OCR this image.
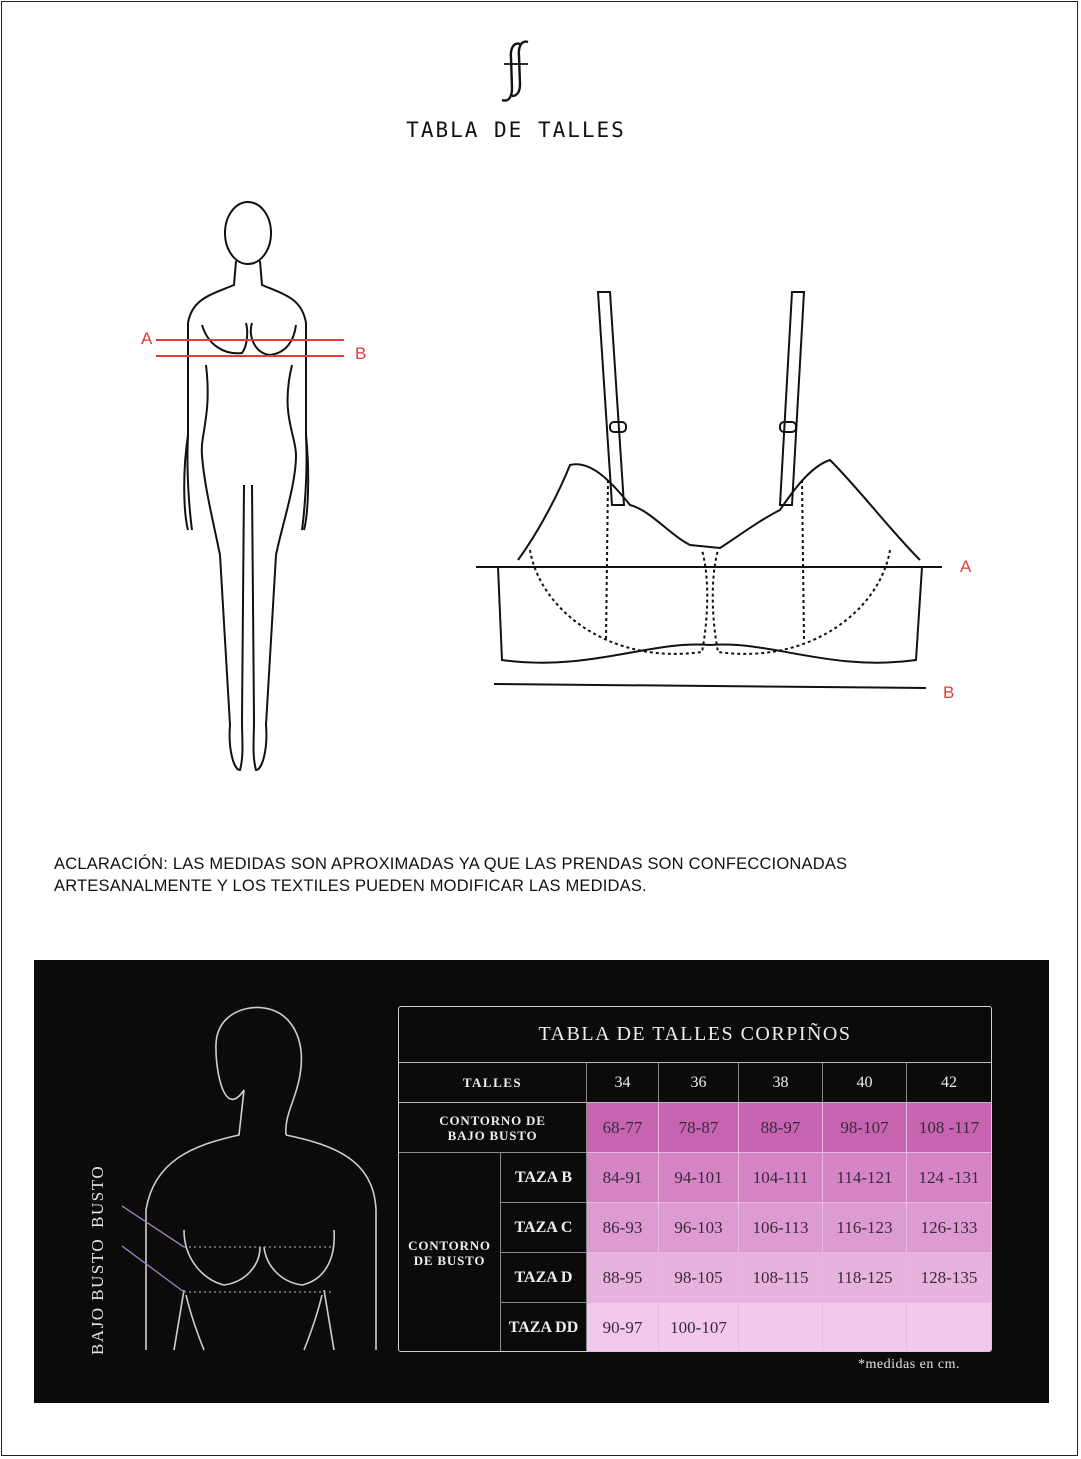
TABLA DE TALLES
A
B
A
B
ACLARACIÓN: LAS MEDIDAS SON APROXIMADAS YA QUE LAS PRENDAS SON CONFECCIONADAS
ARTESANALMENTE Y LOS TEXTILES PUEDEN MODIFICAR LAS MEDIDAS.
BAJO BUSTOBUSTO
TABLA DE TALLES CORPIÑOS
TALLES	34	36	38	40	42
CONTORNO DE BAJO BUSTO	68-77	78-87	88-97	98-107	108 -117
CONTORNO DE BUSTO
TAZA B	84-91	94-101	104-111	114-121	124 -131
TAZA C	86-93	96-103	106-113	116-123	126-133
TAZA D	88-95	98-105	108-115	118-125	128-135
TAZA DD	90-97	100-107
*medidas en cm.
